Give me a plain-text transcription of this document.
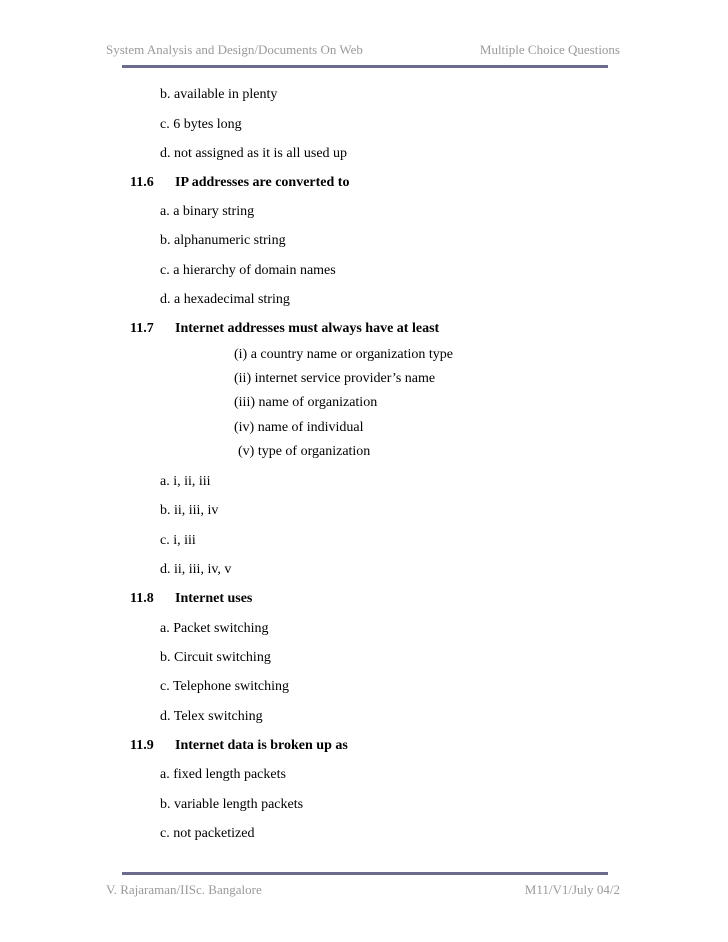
System Analysis and Design/Documents On Web	Multiple Choice Questions
b. available in plenty
c. 6 bytes long
d. not assigned as it is all used up
11.6 IP addresses are converted to
a. a binary string
b. alphanumeric string
c. a hierarchy of domain names
d. a hexadecimal string
11.7 Internet addresses must always have at least
(i) a country name or organization type
(ii) internet service provider’s name
(iii) name of organization
(iv) name of individual
(v) type of organization
a. i, ii, iii
b. ii, iii, iv
c. i, iii
d. ii, iii, iv, v
11.8 Internet uses
a. Packet switching
b. Circuit switching
c. Telephone switching
d. Telex switching
11.9 Internet data is broken up as
a. fixed length packets
b. variable length packets
c. not packetized
V. Rajaraman/IISc. Bangalore	M11/V1/July 04/2
